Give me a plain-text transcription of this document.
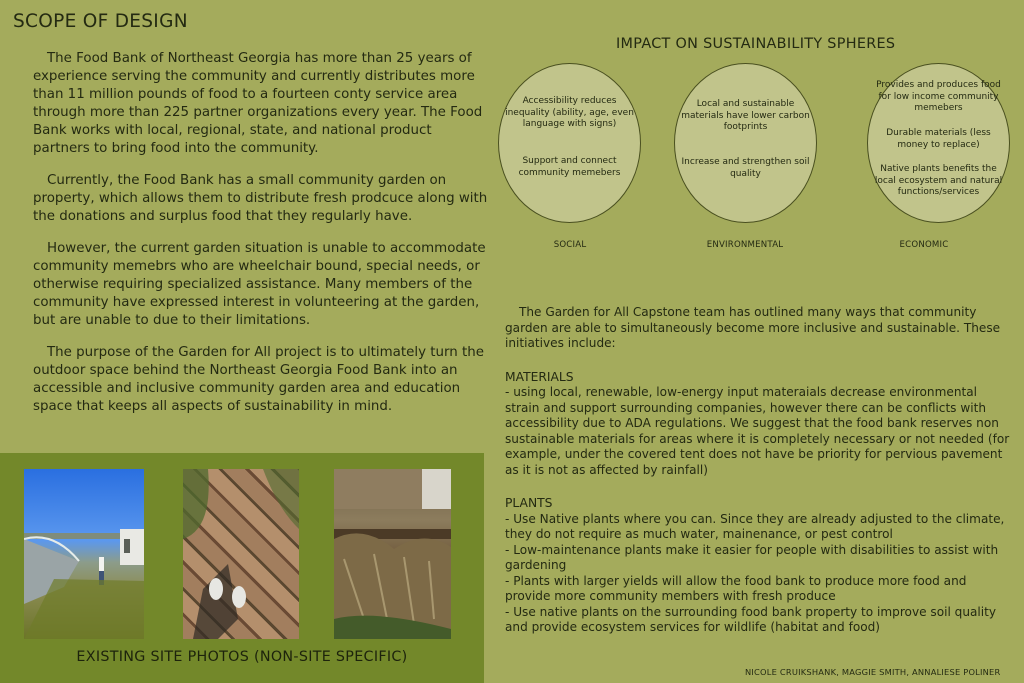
SCOPE OF DESIGN

The Food Bank of Northeast Georgia has more than 25 years of experience serving the community and currently distributes more than 11 million pounds of food to a fourteen conty service area through more than 225 partner organizations every year. The Food Bank works with local, regional, state, and national product partners to bring food into the community.

Currently, the Food Bank has a small community garden on property, which allows them to distribute fresh prodcuce along with the donations and surplus food that they regularly have.

However, the current garden situation is unable to accommodate community memebrs who are wheelchair bound, special needs, or otherwise requiring specialized assistance. Many members of the community have expressed interest in volunteering at the garden, but are unable to due to their limitations.

The purpose of the Garden for All project is to ultimately turn the outdoor space behind the Northeast Georgia Food Bank into an accessible and inclusive community garden area and education space that keeps all aspects of sustainability in mind.

IMPACT ON SUSTAINABILITY SPHERES
Accessibility reduces inequality (ability, age, even language with signs)
Support and connect community memebers
Local and sustainable materials have lower carbon footprints
Increase and strengthen soil quality
Provides and produces food for low income community memebers
Durable materials (less money to replace)
Native plants benefits the local ecosystem and natural functions/services
SOCIAL	ENVIRONMENTAL	ECONOMIC

The Garden for All Capstone team has outlined many ways that community garden are able to simultaneously become more inclusive and sustainable. These initiatives include:

MATERIALS

- using local, renewable, low-energy input materaials decrease environmental strain and support surrounding companies, however there can be conflicts with accessibility due to ADA regulations. We suggest that the food bank reserves non sustainable materials for areas where it is completely necessary or not needed (for example, under the covered tent does not have be priority for pervious pavement as it is not as affected by rainfall)

PLANTS

- Use Native plants where you can. Since they are already adjusted to the climate, they do not require as much water, mainenance, or pest control

- Low-maintenance plants make it easier for people with disabilities to assist with gardening

- Plants with larger yields will allow the food bank to produce more food and provide more community members with fresh produce

- Use native plants on the surrounding food bank property to improve soil quality and provide ecosystem services for wildlife (habitat and food)

EXISTING SITE PHOTOS (NON-SITE SPECIFIC)
NICOLE CRUIKSHANK, MAGGIE SMITH, ANNALIESE POLINER
